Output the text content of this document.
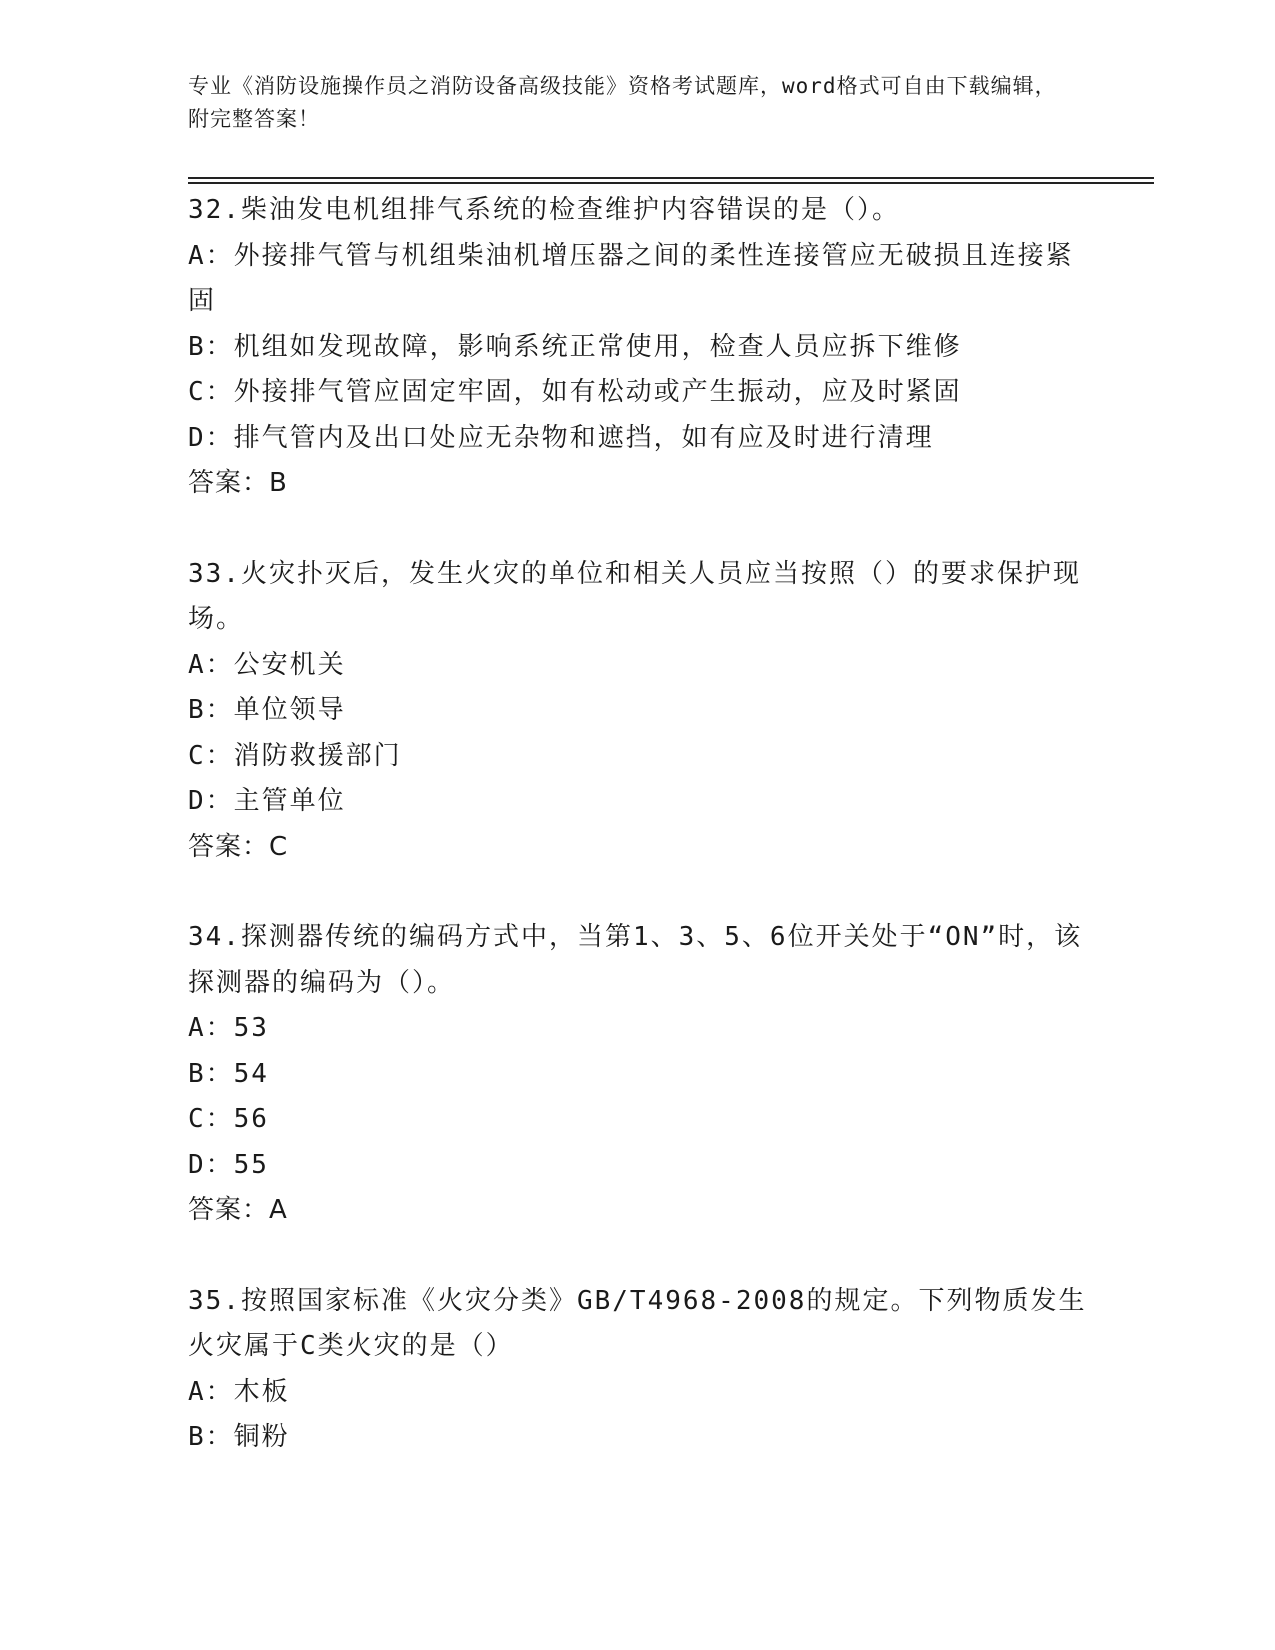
专业《消防设施操作员之消防设备高级技能》资格考试题库，word格式可自由下载编辑，附完整答案！

32.柴油发电机组排气系统的检查维护内容错误的是（）。

A：外接排气管与机组柴油机增压器之间的柔性连接管应无破损且连接紧固

B：机组如发现故障，影响系统正常使用，检查人员应拆下维修

C：外接排气管应固定牢固，如有松动或产生振动，应及时紧固

D：排气管内及出口处应无杂物和遮挡，如有应及时进行清理

答案：B

33.火灾扑灭后，发生火灾的单位和相关人员应当按照（）的要求保护现场。

A：公安机关

B：单位领导

C：消防救援部门

D：主管单位

答案：C

34.探测器传统的编码方式中，当第1、3、5、6位开关处于“ON”时，该探测器的编码为（）。

A：53

B：54

C：56

D：55

答案：A

35.按照国家标准《火灾分类》GB/T4968-2008的规定。下列物质发生火灾属于C类火灾的是（）

A：木板

B：铜粉
